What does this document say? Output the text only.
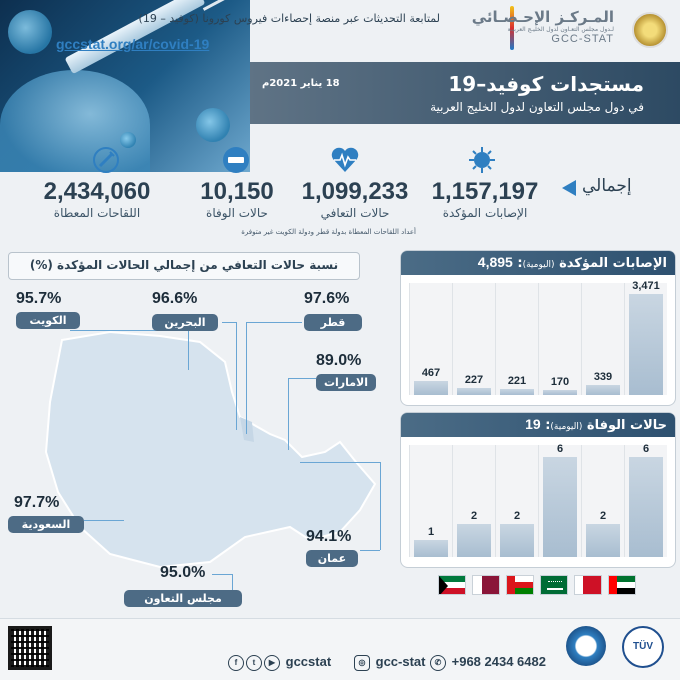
المـركـز الإحـصـائي
لـدول مجلس التعـاون لدول الخليـج العربيـة
GCC-STAT
مستجدات كوفيد–19
في دول مجلس التعاون لدول الخليج العربية
18 يناير 2021م
إجمالي
1,157,197
الإصابات المؤكدة
1,099,233
حالات التعافي
10,150
حالات الوفاة
2,434,060
اللقاحات المعطاة
أعداد اللقاحات المعطاة بدولة قطر ودولة الكويت غير متوفرة
نسبة حالات التعافي من إجمالي الحالات المؤكدة (%)
95.7%
الكويت
96.6%
البحرين
97.6%
قطر
89.0%
الامارات
97.7%
السعودية
94.1%
عمان
95.0%
مجلس التعاون
الإصابات المؤكدة (اليومية): 4,895
467
227	221	170	339
3,471
حالات الوفاة (اليومية): 19
1
2	2
6
2
6
لمتابعة التحديثات عبر منصة إحصاءات فيروس كورونا (كوفيد – 19)
gccstat.org/ar/covid-19
f t ▶ gccstat	◎ gcc-stat	✆ +968 2434 6482
TÜV
